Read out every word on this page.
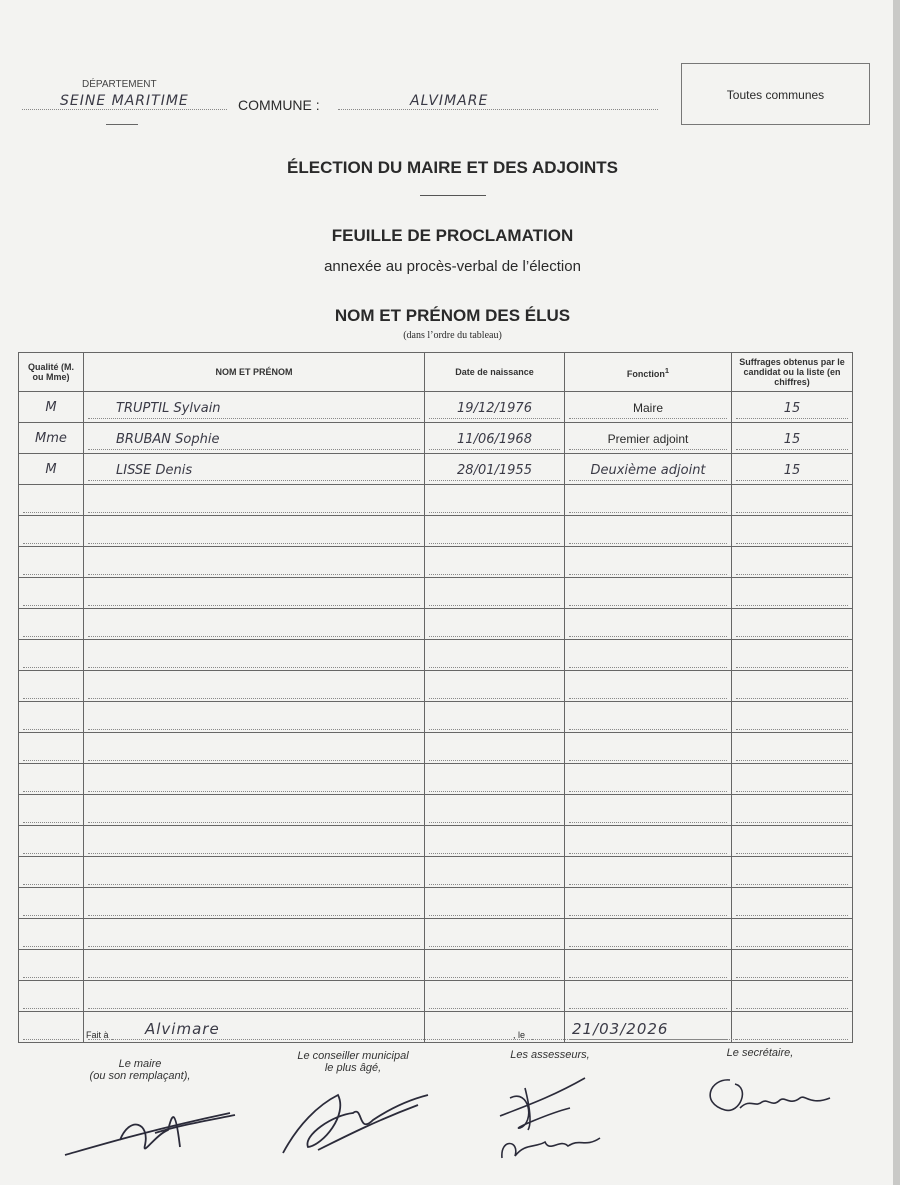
DÉPARTEMENT
SEINE MARITIME	COMMUNE :	ALVIMARE	Toutes communes
ÉLECTION DU MAIRE ET DES ADJOINTS
FEUILLE DE PROCLAMATION
annexée au procès-verbal de l’élection
NOM ET PRÉNOM DES ÉLUS
(dans l’ordre du tableau)
Qualité (M. ou Mme)	NOM ET PRÉNOM	Date de naissance	Fonction$^1$	Suffrages obtenus par le candidat ou la liste (en chiffres)
M	TRUPTIL Sylvain	19/12/1976	Maire	15

Mme	BRUBAN Sophie	11/06/1968	Premier adjoint	15

M	LISSE Denis	28/01/1955	Deuxième adjoint	15

Fait à Alvimare	, le	21/03/2026
Le maire
(ou son remplaçant),
Le conseiller municipal
le plus âgé,
Les assesseurs,	Le secrétaire,
